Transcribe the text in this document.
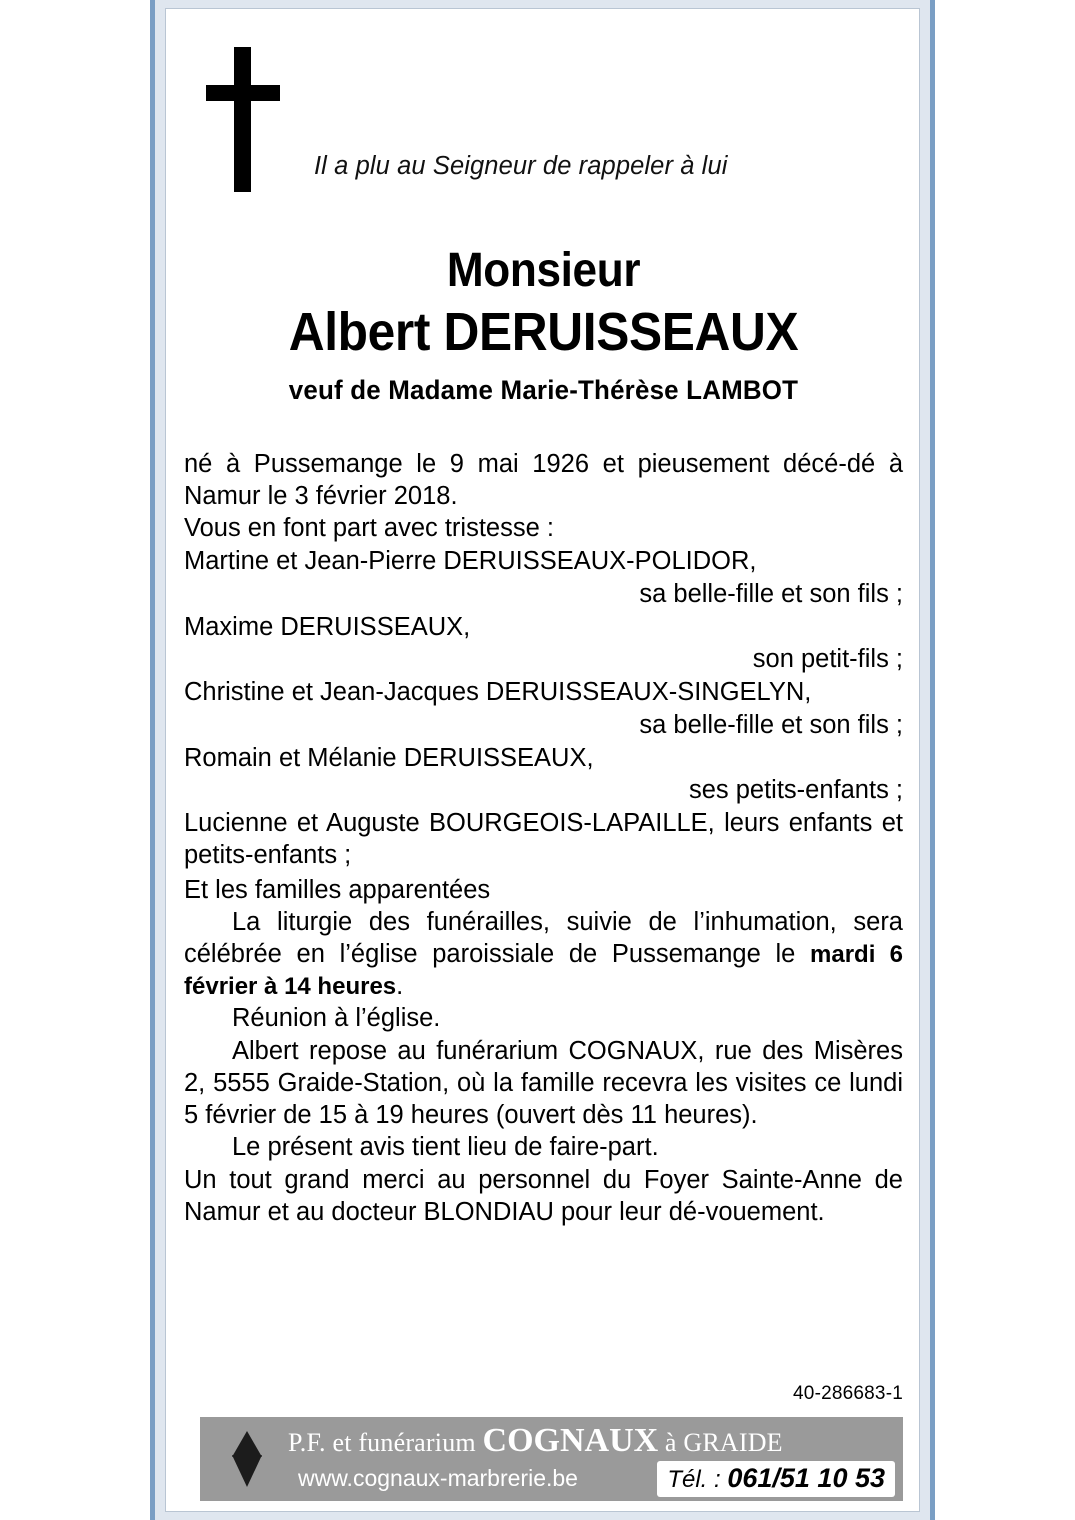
Il a plu au Seigneur de rappeler à lui
Monsieur
Albert DERUISSEAUX
veuf de Madame Marie-Thérèse LAMBOT
né à Pussemange le 9 mai 1926 et pieusement décé-dé à Namur le 3 février 2018.
Vous en font part avec tristesse :
Martine et Jean-Pierre DERUISSEAUX-POLIDOR,
sa belle-fille et son fils ;
Maxime DERUISSEAUX,
son petit-fils ;
Christine et Jean-Jacques DERUISSEAUX-SINGELYN,
sa belle-fille et son fils ;
Romain et Mélanie DERUISSEAUX,
ses petits-enfants ;
Lucienne et Auguste BOURGEOIS-LAPAILLE, leurs enfants et petits-enfants ;
Et les familles apparentées
La liturgie des funérailles, suivie de l’inhumation, sera célébrée en l’église paroissiale de Pussemange le mardi 6 février à 14 heures.
Réunion à l’église.
Albert repose au funérarium COGNAUX, rue des Misères 2, 5555 Graide-Station, où la famille recevra les visites ce lundi 5 février de 15 à 19 heures (ouvert dès 11 heures).
Le présent avis tient lieu de faire-part.
Un tout grand merci au personnel du Foyer Sainte-Anne de Namur et au docteur BLONDIAU pour leur dé-vouement.
40-286683-1
P.F. et funérarium COGNAUX à GRAIDE
www.cognaux-marbrerie.be	Tél. : 061/51 10 53
